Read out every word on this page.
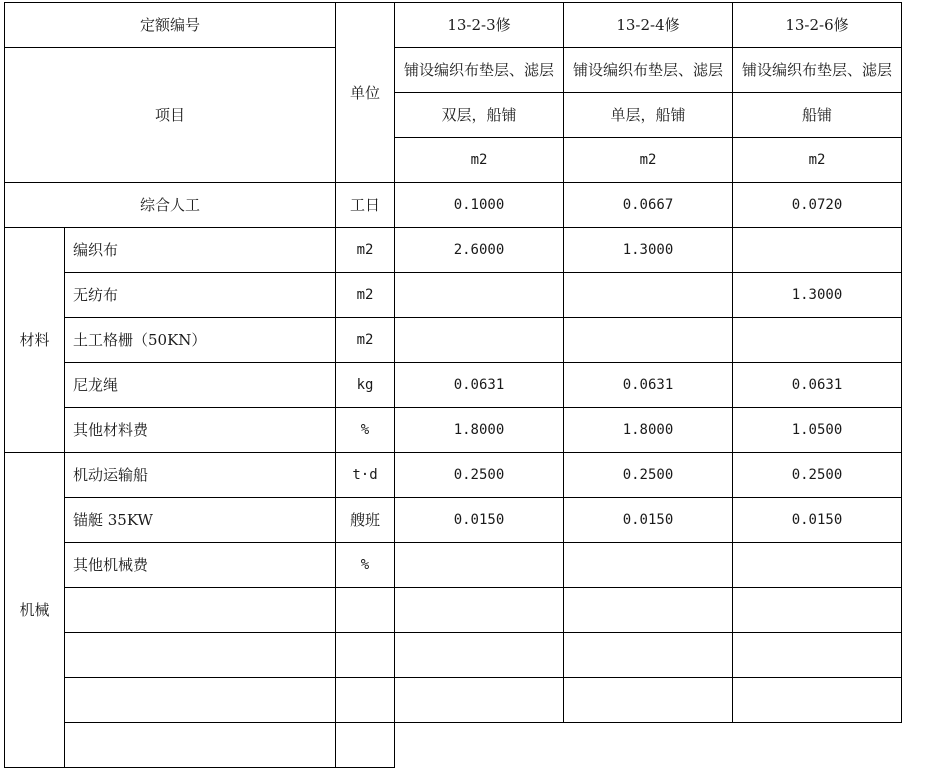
定额编号		单位	13-2-3修	13-2-4修	13-2-6修
项目			铺设编织布垫层、滤层	铺设编织布垫层、滤层	铺设编织布垫层、滤层
			双层，船铺	单层，船铺	船铺
			m2	m2	m2
综合人工		工日	0.1000	0.0667	0.0720
材料	编织布	m2	2.6000	1.3000	
	无纺布	m2			1.3000
	土工格栅（50KN）	m2			
	尼龙绳	kg	0.0631	0.0631	0.0631
	其他材料费	%	1.8000	1.8000	1.0500
机械	机动运输船	t·d	0.2500	0.2500	0.2500
	锚艇 35KW	艘班	0.0150	0.0150	0.0150
	其他机械费	%			
